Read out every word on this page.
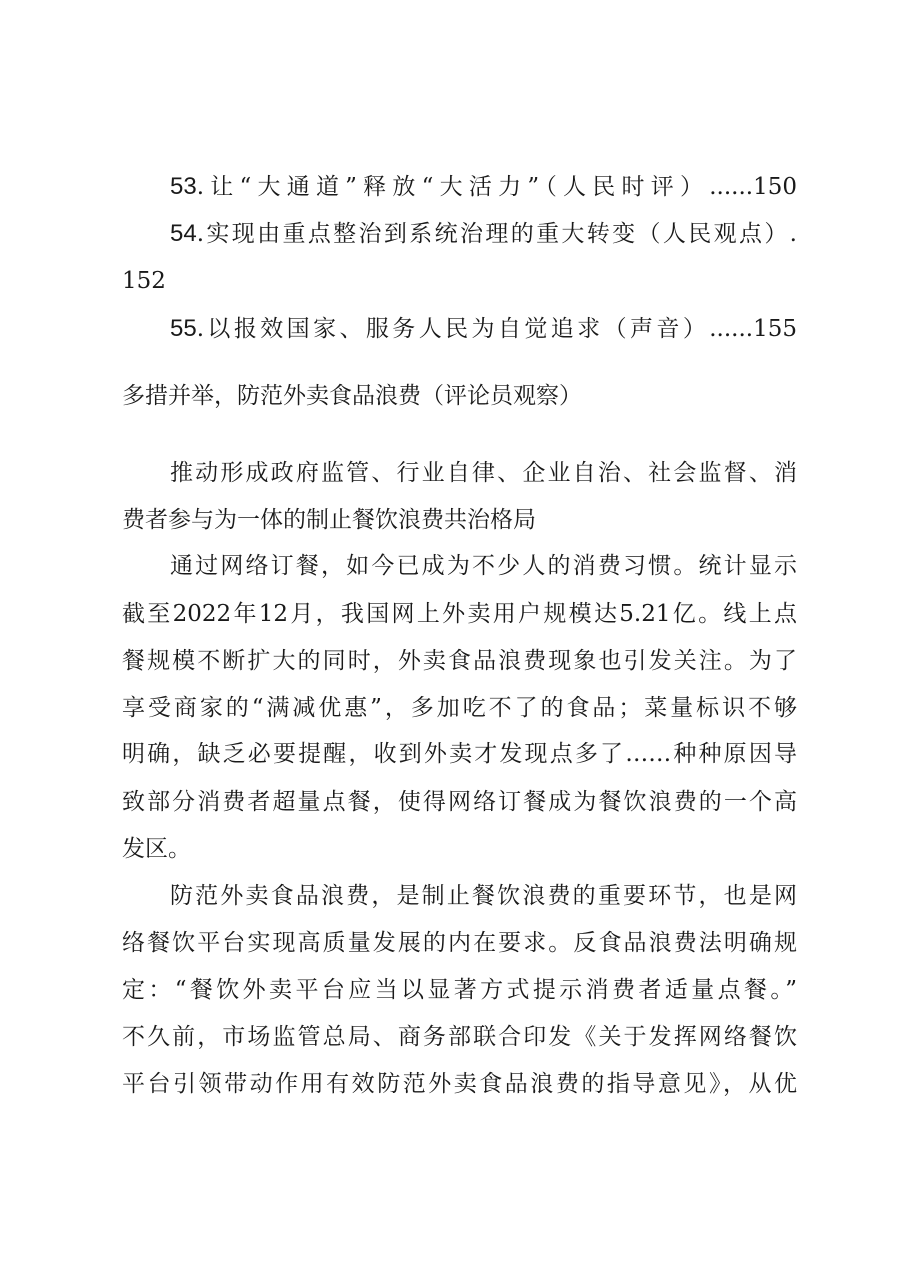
53.让“大通道”释放“大活力”（人民时评）......150
54.实现由重点整治到系统治理的重大转变（人民观点）.
152
55.以报效国家、服务人民为自觉追求（声音）......155
多措并举，防范外卖食品浪费（评论员观察）
推动形成政府监管、行业自律、企业自治、社会监督、消
费者参与为一体的制止餐饮浪费共治格局
通过网络订餐，如今已成为不少人的消费习惯。统计显示
截至2022年12月，我国网上外卖用户规模达5.21亿。线上点
餐规模不断扩大的同时，外卖食品浪费现象也引发关注。为了
享受商家的“满减优惠”，多加吃不了的食品；菜量标识不够
明确，缺乏必要提醒，收到外卖才发现点多了……种种原因导
致部分消费者超量点餐，使得网络订餐成为餐饮浪费的一个高
发区。
防范外卖食品浪费，是制止餐饮浪费的重要环节，也是网
络餐饮平台实现高质量发展的内在要求。反食品浪费法明确规
定：“餐饮外卖平台应当以显著方式提示消费者适量点餐。”
不久前，市场监管总局、商务部联合印发《关于发挥网络餐饮
平台引领带动作用有效防范外卖食品浪费的指导意见》，从优
